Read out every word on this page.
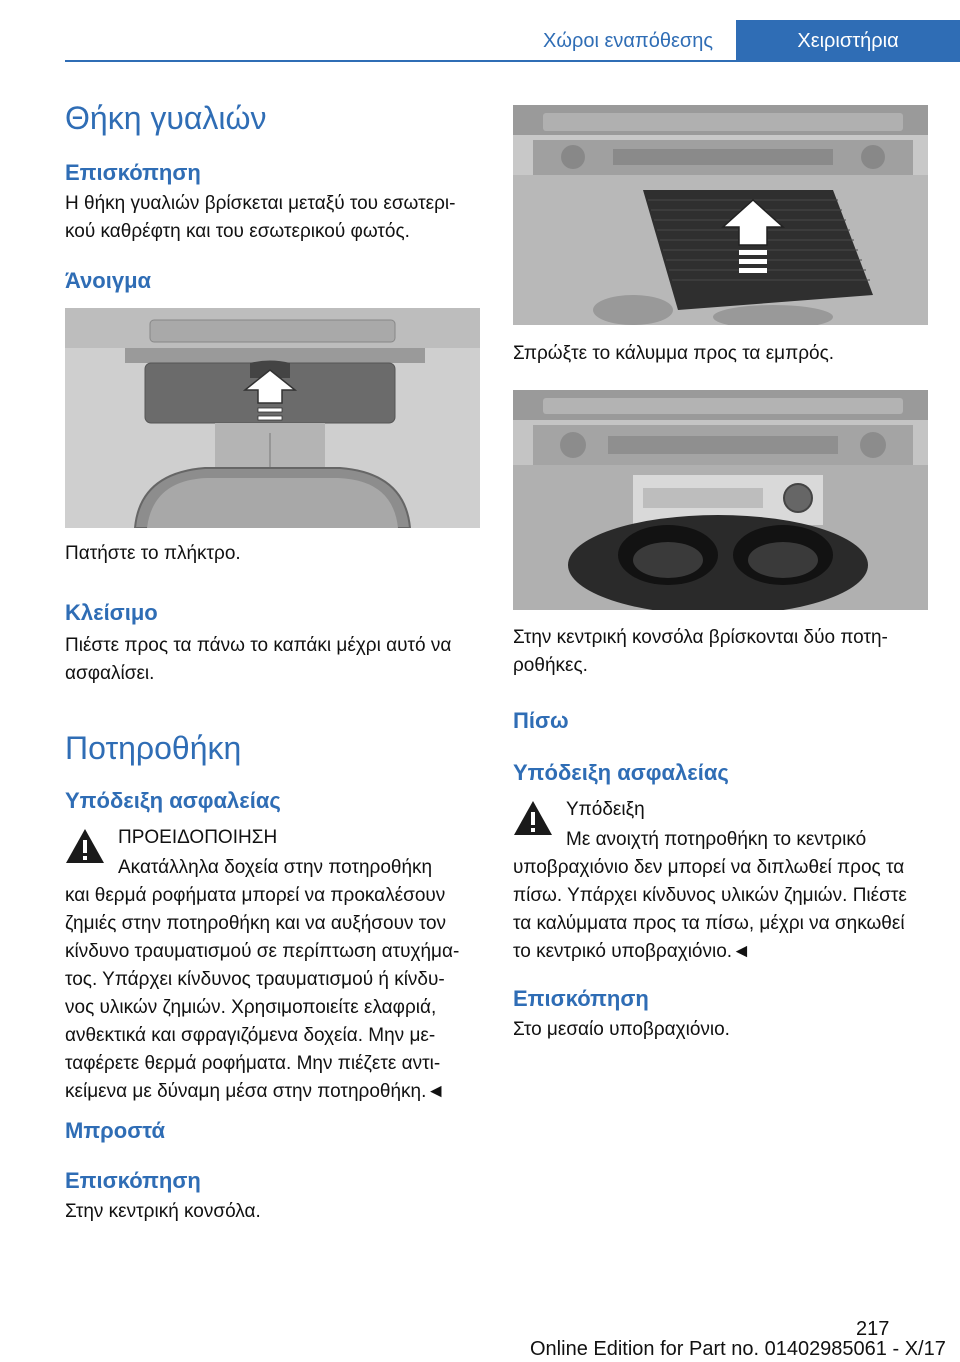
Χώροι εναπόθεσης	Χειριστήρια
Θήκη γυαλιών
Επισκόπηση

Η θήκη γυαλιών βρίσκεται μεταξύ του εσωτερι-

κού καθρέφτη και του εσωτερικού φωτός.

Άνοιγμα

Πατήστε το πλήκτρο.

Κλείσιμο

Πιέστε προς τα πάνω το καπάκι μέχρι αυτό να

ασφαλίσει.

Ποτηροθήκη
Υπόδειξη ασφαλείας

ΠΡΟΕΙΔΟΠΟΙΗΣΗ

Ακατάλληλα δοχεία στην ποτηροθήκη

και θερμά ροφήματα μπορεί να προκαλέσουν

ζημιές στην ποτηροθήκη και να αυξήσουν τον

κίνδυνο τραυματισμού σε περίπτωση ατυχήμα-

τος. Υπάρχει κίνδυνος τραυματισμού ή κίνδυ-

νος υλικών ζημιών. Χρησιμοποιείτε ελαφριά,

ανθεκτικά και σφραγιζόμενα δοχεία. Μην με-

ταφέρετε θερμά ροφήματα. Μην πιέζετε αντι-

κείμενα με δύναμη μέσα στην ποτηροθήκη.◄

Μπροστά
Επισκόπηση

Στην κεντρική κονσόλα.

Σπρώξτε το κάλυμμα προς τα εμπρός.

Στην κεντρική κονσόλα βρίσκονται δύο ποτη-

ροθήκες.

Πίσω
Υπόδειξη ασφαλείας

Υπόδειξη

Με ανοιχτή ποτηροθήκη το κεντρικό

υποβραχιόνιο δεν μπορεί να διπλωθεί προς τα

πίσω. Υπάρχει κίνδυνος υλικών ζημιών. Πιέστε

τα καλύμματα προς τα πίσω, μέχρι να σηκωθεί

το κεντρικό υποβραχιόνιο.◄

Επισκόπηση

Στο μεσαίο υποβραχιόνιο.

217
Online Edition for Part no. 01402985061 - X/17
